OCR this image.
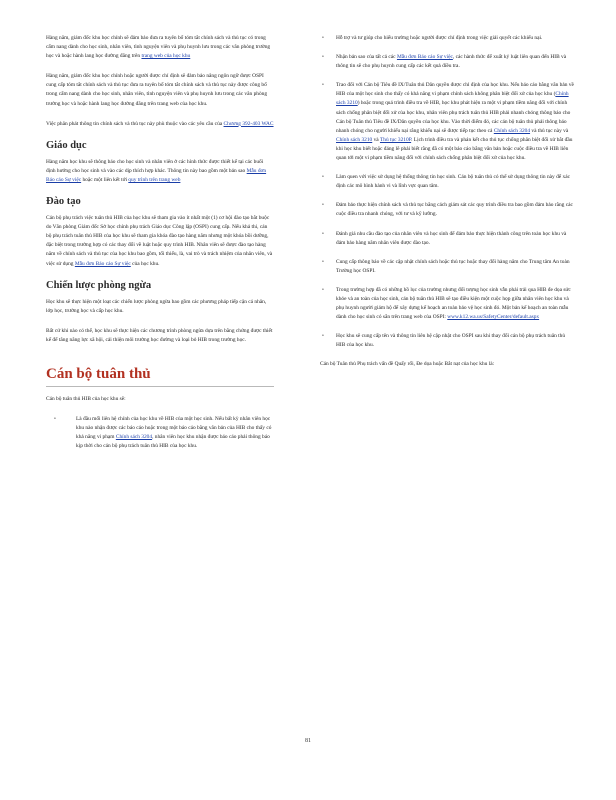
Hàng năm, giám đốc khu học chính sẽ đảm bảo đưa ra tuyên bố tóm tắt chính sách và thủ tục có trong cẩm nang dành cho học sinh, nhân viên, tình nguyện viên và phụ huynh lưu trong các văn phòng trường học và hoặc hành lang học đường đăng trên trang web của học khu

Hàng năm, giám đốc khu học chính hoặc người được chỉ định sẽ đảm bảo nâng ngôn ngữ được OSPI cung cấp tóm tắt chính sách và thủ tục đưa ra tuyên bố tóm tắt chính sách và thủ tục này được công bố trong cẩm nang dành cho học sinh, nhân viên, tình nguyện viên và phụ huynh lưu trong các văn phòng trường học và hoặc hành lang học đường đăng trên trang web của học khu.

Việc phân phát thông tin chính sách và thủ tục này phù thuộc vào các yêu cầu của Chương 392-403 WAC

Giáo dục

Hàng năm học khu sẽ thông báo cho học sinh và nhân viên ở các hình thức được thiết kế tại các buổi định hướng cho học sinh và vào các dịp thích hợp khác. Thông tin này bao gồm một bản sao Mẫu đơn Báo cáo Sự việc hoặc một liên kết tới quy trình trên trang web

Đào tạo

Cán bộ phụ trách việc tuân thủ HIB của học khu sẽ tham gia vào ít nhất một (1) cơ hội đào tạo bắt buộc do Văn phòng Giám đốc Sở học chính phụ trách Giáo dục Công lập (OSPI) cung cấp. Nếu khả thi, cán bộ phụ trách tuân thủ HIB của học khu sẽ tham gia khóa đào tạo hàng năm nhưng một khóa bồi dưỡng, đặc biệt trong trường hợp có các thay đổi về luật hoặc quy trình HIB. Nhân viên sẽ được đào tạo hàng năm về chính sách và thủ tục của học khu bao gồm, tối thiểu, là, vai trò và trách nhiệm của nhân viên, và việc sử dụng Mẫu đơn Báo cáo Sự việc của học khu.

Chiến lược phòng ngừa

Học khu sẽ thực hiện một loạt các chiến lược phòng ngừa bao gồm các phương pháp tiếp cận cá nhân, lớp học, trường học và cấp học khu.

Bất cứ khi nào có thể, học khu sẽ thực hiện các chương trình phòng ngừa dựa trên bằng chứng được thiết kế để tăng năng lực xã hội, cải thiện môi trường học đường và loại bỏ HIB trong trường học.

Cán bộ tuân thủ

Cán bộ tuân thủ HIB của học khu sẽ:

•	Là đầu mối liên hệ chính của học khu về HIB của một học sinh. Nếu bất kỳ nhân viên học khu nào nhận được các báo cáo hoặc trong một báo cáo bằng văn bản của HIB cho thấy có khả năng vi phạm Chính sách 3204, nhân viên học khu nhận được báo cáo phải thông báo kịp thời cho cán bộ phụ trách tuân thủ HIB của học khu.
• Hỗ trợ và tư giúp cho hiểu trường hoặc người được chỉ định trong việc giải quyết các khiếu nại.
• Nhận bản sao của tất cả các Mẫu đơn Báo cáo Sự việc, các hành thức để xuất kỷ luật liên quan đến HIB và thông tin sẽ cho phụ huynh cung cấp các kết quả điều tra.
• Trao đổi với Cán bộ Tiêu đề IX/Tuân thủ Dân quyền được chỉ định của học khu. Nếu báo cáo bằng văn bản về HIB của một học sinh cho thấy có khả năng vi phạm chính sách không phân biệt đối xử của học khu (Chính sách 3210) hoặc trong quá trình điều tra về HIB, học khu phát hiện ra một vi phạm tiềm năng đối với chính sách chống phân biệt đối xử của học khu, nhân viên phụ trách tuân thủ HIB phải nhanh chóng thông báo cho Cán bộ Tuân thủ Tiêu đề IX/Dân quyền của học khu. Vào thời điểm đó, các cán bộ tuân thủ phải thông báo nhanh chóng cho người khiếu nại rằng khiếu nại sẽ được tiếp tục theo cả Chính sách 3204 và thủ tục này và Chính sách 3210 và Thủ tục 3210P. Lịch trình điều tra và phán kết cho thủ tục chống phân biệt đối xử bắt đầu khi học khu biết hoặc đáng lẽ phải biết rằng đã có một báo cáo bằng văn bản hoặc cuộc điều tra về HIB liên quan tới một vi phạm tiềm năng đối với chính sách chống phân biệt đối xử của học khu.
• Làm quen với việc sử dụng hệ thống thông tin học sinh. Cán bộ tuân thủ có thể sử dụng thông tin này để xác định các mô hình hành vi và lĩnh vực quan tâm.
• Đảm bảo thực hiện chính sách và thủ tục bằng cách giám sát các quy trình điều tra bao gồm đảm bảo rằng các cuộc điều tra nhanh chóng, với tư và kỹ lưỡng.
• Đánh giá nhu cầu đào tạo của nhân viên và học sinh để đảm bảo thực hiện thành công trên toàn học khu và đảm bảo hàng năm nhân viên được đào tạo.
• Cung cấp thông báo về các cập nhật chính sách hoặc thủ tục hoặc thay đổi hàng năm cho Trung tâm An toàn Trường học OSPI.
• Trong trường hợp đã có những hồ lục của trường nhưng đối tượng học sinh vẫn phải trải qua HIB đe dọa sức khỏe và an toàn của học sinh, cán bộ tuân thủ HIB sẽ tạo điều kiện một cuộc họp giữa nhân viên học khu và phụ huynh người giám hộ để xây dựng kế hoạch an toàn bảo vệ học sinh đó. Một bản kế hoạch an toàn mẫu dành cho học sinh có sẵn trên trang web của OSPI: www.k12.wa.us/SafetyCenter/default.aspx
• Học khu sẽ cung cấp tên và thông tin liên hệ cập nhật cho OSPI sau khi thay đổi cán bộ phụ trách tuân thủ HIB của học khu.

Cán bộ Tuân thủ Phụ trách vấn đề Quấy rối, Đe dọa hoặc Bắt nạt của học khu là:

81
